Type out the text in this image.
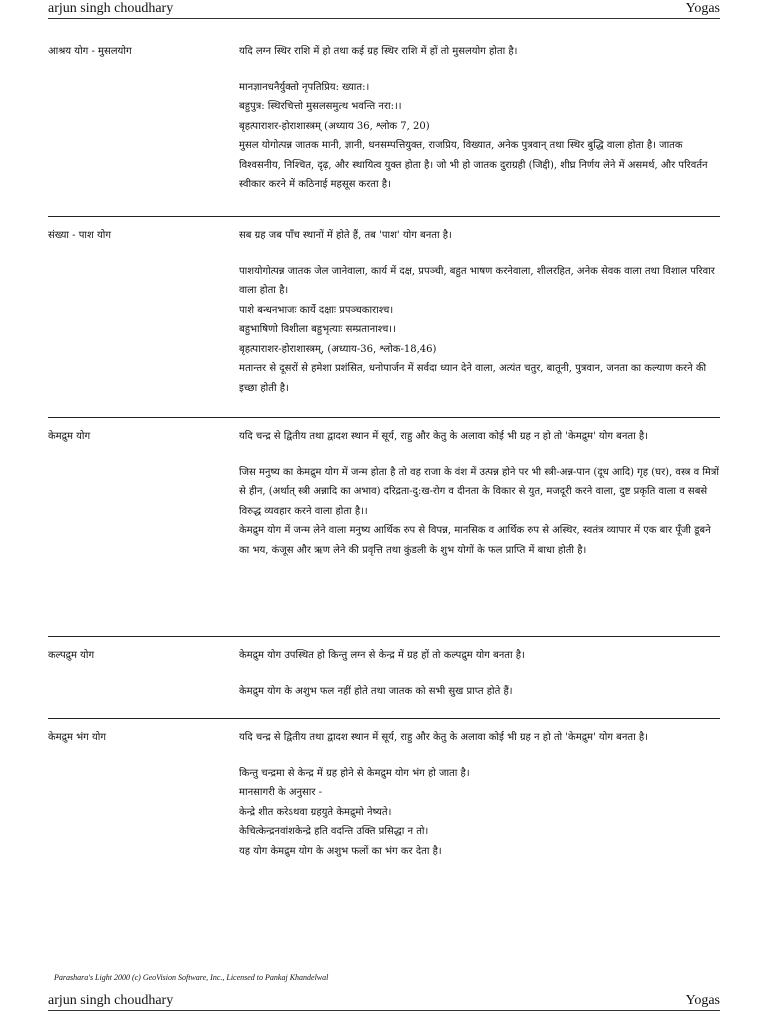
arjun singh choudhary	Yogas
आश्रय योग - मुसलयोग	यदि लग्न स्थिर राशि में हो तथा कई ग्रह स्थिर राशि में हों तो मुसलयोग होता है।

मानज्ञानधनैर्युक्तो नृपतिप्रिय: ख्यात:।
बहुपुत्र: स्थिरचित्तो मुसलसमुत्थ भवन्ति नरा:।।
बृहत्पाराशर-होराशास्त्रम् (अध्याय 36, श्लोक 7, 20)
मुसल योगोत्पन्न जातक मानी, ज्ञानी, धनसम्पत्तियुक्त, राजप्रिय, विख्यात, अनेक पुत्रवान् तथा स्थिर बुद्धि वाला होता है। जातक विश्वसनीय, निश्चित, दृढ़, और स्थायित्व युक्त होता है। जो भी हो जातक दुराग्रही (जिद्दी), शीघ्र निर्णय लेने में असमर्थ, और परिवर्तन स्वीकार करने में कठिनाई महसूस करता है।

संख्या - पाश योग	सब ग्रह जब पाँच स्थानों में होते हैं, तब 'पाश' योग बनता है।

पाशयोगोत्पन्न जातक जेल जानेवाला, कार्य में दक्ष, प्रपञ्ची, बहुत भाषण करनेवाला, शीलरहित, अनेक सेवक वाला तथा विशाल परिवार वाला होता है।
पाशे बन्धनभाजः कार्ये दक्षाः प्रपञ्चकाराश्च।
बहुभाषिणो विशीला बहुभृत्याः सम्प्रतानाश्च।।
बृहत्पाराशर-होराशास्त्रम्, (अध्याय-36, श्लोक-18,46)
मतान्तर से दूसरों से हमेशा प्रशंसित, धनोपार्जन में सर्वदा ध्यान देने वाला, अत्यंत चतुर, बातूनी, पुत्रवान, जनता का कल्याण करने की इच्छा होती है।

केमद्रुम योग	यदि चन्द्र से द्वितीय तथा द्वादश स्थान में सूर्य, राहु और केतु के अलावा कोई भी ग्रह न हो तो 'केमद्रुम' योग बनता है।

जिस मनुष्य का केमद्रुम योग में जन्म होता है तो वह राजा के वंश में उत्पन्न होने पर भी स्त्री-अन्न-पान (दूध आदि) गृह (घर), वस्त्र व मित्रों से हीन, (अर्थात् स्त्री अन्नादि का अभाव) दरिद्रता-दु:ख-रोग व दीनता के विकार से युत, मजदूरी करने वाला, दुष्ट प्रकृति वाला व सबसे विरुद्ध व्यवहार करने वाला होता है।।
केमद्रुम योग में जन्म लेने वाला मनुष्य आर्थिक रुप से विपन्न, मानसिक व आर्थिक रुप से अस्थिर, स्वतंत्र व्यापार में एक बार पूँजी डूबने का भय, कंजूस और ऋण लेने की प्रवृत्ति तथा कुंडली के शुभ योगों के फल प्राप्ति में बाधा होती है।

कल्पद्रुम योग	केमद्रुम योग उपस्थित हो किन्तु लग्न से केन्द्र में ग्रह हों तो कल्पद्रुम योग बनता है।

केमद्रुम योग के अशुभ फल नहीं होते तथा जातक को सभी सुख प्राप्त होते हैं।

केमद्रुम भंग योग	यदि चन्द्र से द्वितीय तथा द्वादश स्थान में सूर्य, राहु और केतु के अलावा कोई भी ग्रह न हो तो 'केमद्रुम' योग बनता है।

किन्तु चन्द्रमा से केन्द्र में ग्रह होने से केमद्रुम योग भंग हो जाता है।
मानसागरी के अनुसार -
केन्द्रे शीत करेऽथवा ग्रहयुते केमद्रुमो नेष्यते।
केचित्केन्द्रनवांशकेन्द्रे हति वदन्ति उक्ति प्रसिद्धा न तो।
यह योग केमद्रुम योग के अशुभ फलों का भंग कर देता है।

Parashara's Light 2000 (c) GeoVision Software, Inc., Licensed to Pankaj Khandelwal
arjun singh choudhary	Yogas
